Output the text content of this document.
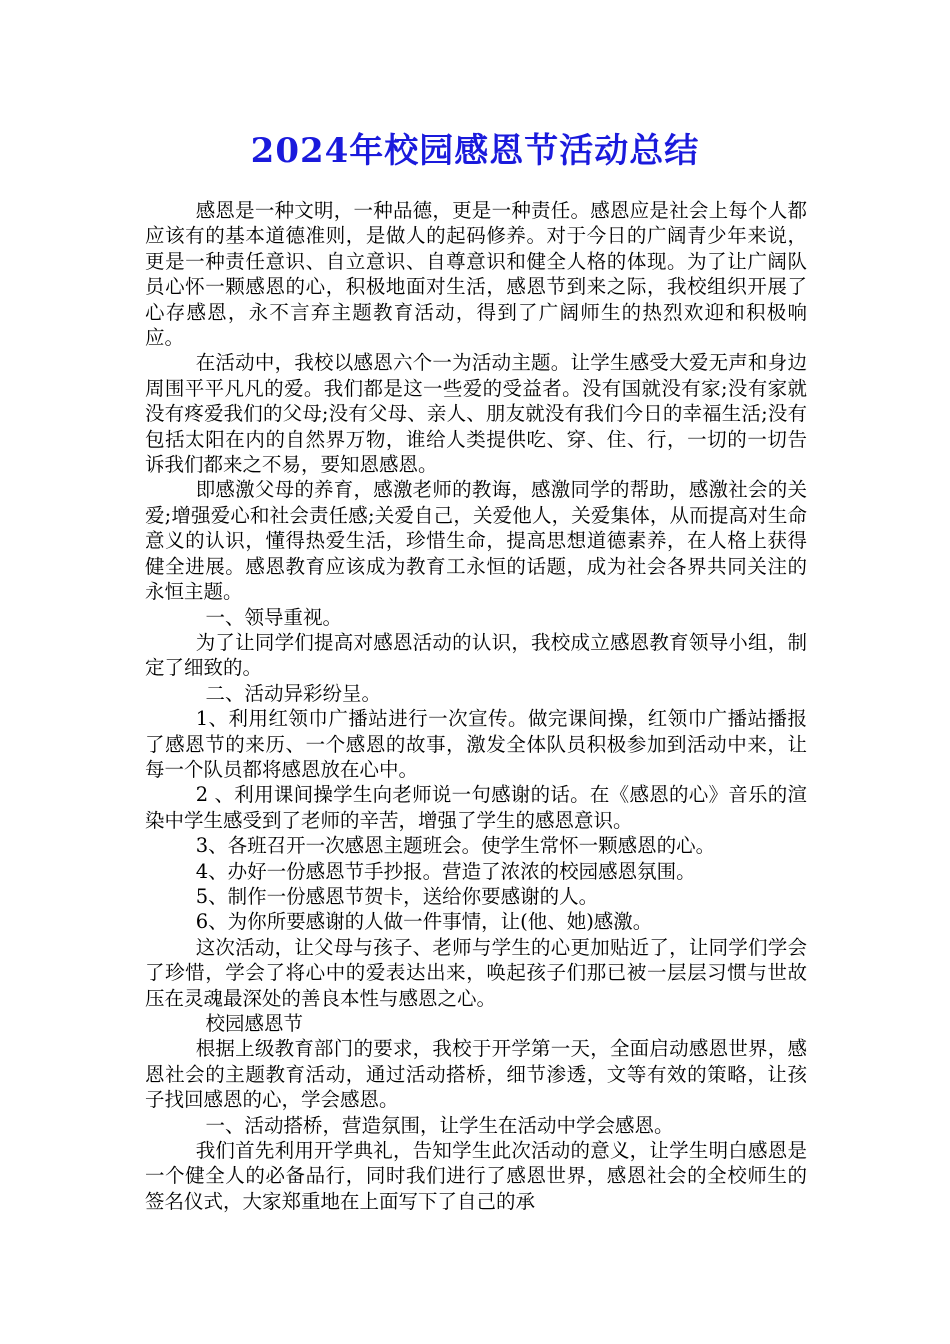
2024年校园感恩节活动总结

感恩是一种文明，一种品德，更是一种责任。感恩应是社会上每个人都应该有的基本道德准则，是做人的起码修养。对于今日的广阔青少年来说，更是一种责任意识、自立意识、自尊意识和健全人格的体现。为了让广阔队员心怀一颗感恩的心，积极地面对生活，感恩节到来之际，我校组织开展了心存感恩，永不言弃主题教育活动，得到了广阔师生的热烈欢迎和积极响应。

在活动中，我校以感恩六个一为活动主题。让学生感受大爱无声和身边周围平平凡凡的爱。我们都是这一些爱的受益者。没有国就没有家;没有家就没有疼爱我们的父母;没有父母、亲人、朋友就没有我们今日的幸福生活;没有包括太阳在内的自然界万物，谁给人类提供吃、穿、住、行，一切的一切告诉我们都来之不易，要知恩感恩。

即感激父母的养育，感激老师的教诲，感激同学的帮助，感激社会的关爱;增强爱心和社会责任感;关爱自己，关爱他人，关爱集体，从而提高对生命意义的认识，懂得热爱生活，珍惜生命，提高思想道德素养，在人格上获得健全进展。感恩教育应该成为教育工永恒的话题，成为社会各界共同关注的永恒主题。

一、领导重视。

为了让同学们提高对感恩活动的认识，我校成立感恩教育领导小组，制定了细致的。

二、活动异彩纷呈。

1、利用红领巾广播站进行一次宣传。做完课间操，红领巾广播站播报了感恩节的来历、一个感恩的故事，激发全体队员积极参加到活动中来，让每一个队员都将感恩放在心中。

2 、利用课间操学生向老师说一句感谢的话。在《感恩的心》音乐的渲染中学生感受到了老师的辛苦，增强了学生的感恩意识。

3、各班召开一次感恩主题班会。使学生常怀一颗感恩的心。

4、办好一份感恩节手抄报。营造了浓浓的校园感恩氛围。

5、制作一份感恩节贺卡，送给你要感谢的人。

6、为你所要感谢的人做一件事情，让(他、她)感激。

这次活动，让父母与孩子、老师与学生的心更加贴近了，让同学们学会了珍惜，学会了将心中的爱表达出来，唤起孩子们那已被一层层习惯与世故压在灵魂最深处的善良本性与感恩之心。

校园感恩节

根据上级教育部门的要求，我校于开学第一天，全面启动感恩世界，感恩社会的主题教育活动，通过活动搭桥，细节渗透，文等有效的策略，让孩子找回感恩的心，学会感恩。

一、活动搭桥，营造氛围，让学生在活动中学会感恩。

我们首先利用开学典礼，告知学生此次活动的意义，让学生明白感恩是一个健全人的必备品行，同时我们进行了感恩世界，感恩社会的全校师生的签名仪式，大家郑重地在上面写下了自己的承
